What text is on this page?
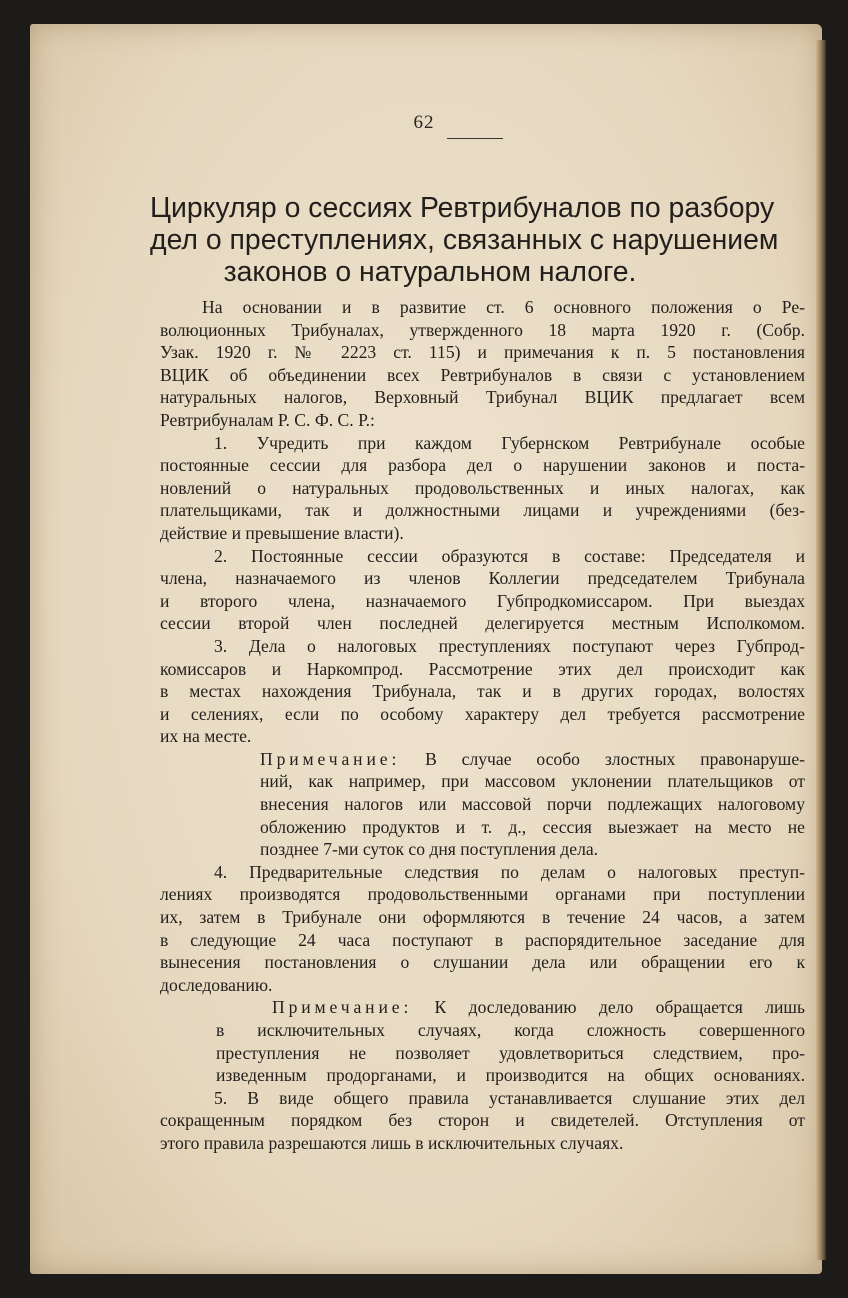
62
Циркуляр о сессиях Ревтрибуналов по разбору
дел о преступлениях, связанных с нарушением
законов о натуральном налоге.
На основании и в развитие ст. 6 основного положения о Ре-
волюционных Трибуналах, утвержденного 18 марта 1920 г. (Собр.
Узак. 1920 г. № 2223 ст. 115) и примечания к п. 5 постановления
ВЦИК об объединении всех Ревтрибуналов в связи с установлением
натуральных налогов, Верховный Трибунал ВЦИК предлагает всем
Ревтрибуналам Р. С. Ф. С. Р.:
1. Учредить при каждом Губернском Ревтрибунале особые
постоянные сессии для разбора дел о нарушении законов и поста-
новлений о натуральных продовольственных и иных налогах, как
плательщиками, так и должностными лицами и учреждениями (без-
действие и превышение власти).
2. Постоянные сессии образуются в составе: Председателя и
члена, назначаемого из членов Коллегии председателем Трибунала
и второго члена, назначаемого Губпродкомиссаром. При выездах
сессии второй член последней делегируется местным Исполкомом.
3. Дела о налоговых преступлениях поступают через Губпрод-
комиссаров и Наркомпрод. Рассмотрение этих дел происходит как
в местах нахождения Трибунала, так и в других городах, волостях
и селениях, если по особому характеру дел требуется рассмотрение
их на месте.
Примечание: В случае особо злостных правонаруше-
ний, как например, при массовом уклонении плательщиков от
внесения налогов или массовой порчи подлежащих налоговому
обложению продуктов и т. д., сессия выезжает на место не
позднее 7-ми суток со дня поступления дела.
4. Предварительные следствия по делам о налоговых преступ-
лениях производятся продовольственными органами при поступлении
их, затем в Трибунале они оформляются в течение 24 часов, а затем
в следующие 24 часа поступают в распорядительное заседание для
вынесения постановления о слушании дела или обращении его к
доследованию.
Примечание: К доследованию дело обращается лишь
в исключительных случаях, когда сложность совершенного
преступления не позволяет удовлетвориться следствием, про-
изведенным продорганами, и производится на общих основаниях.
5. В виде общего правила устанавливается слушание этих дел
сокращенным порядком без сторон и свидетелей. Отступления от
этого правила разрешаются лишь в исключительных случаях.
